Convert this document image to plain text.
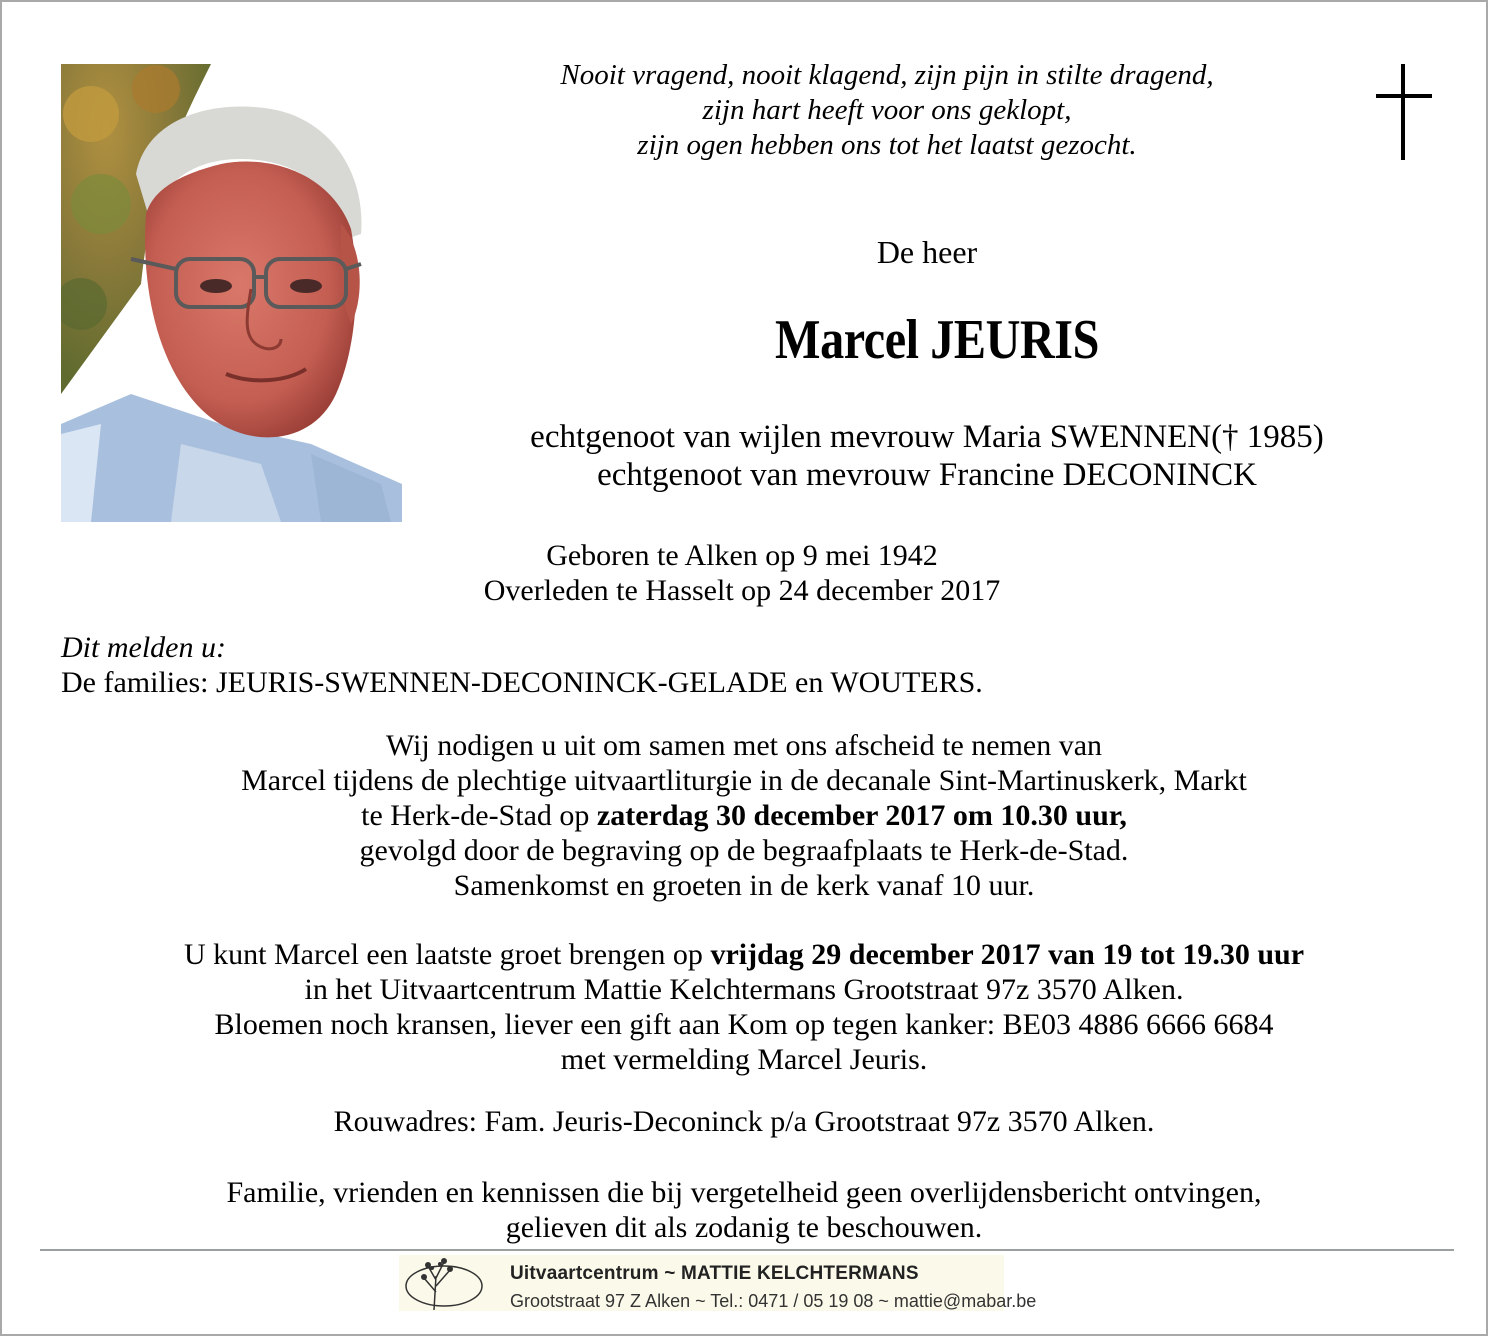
Nooit vragend, nooit klagend, zijn pijn in stilte dragend,
zijn hart heeft voor ons geklopt,
zijn ogen hebben ons tot het laatst gezocht.
De heer
Marcel JEURIS
echtgenoot van wijlen mevrouw Maria SWENNEN(† 1985)
echtgenoot van mevrouw Francine DECONINCK
Geboren te Alken op 9 mei 1942
Overleden te Hasselt op 24 december 2017
Dit melden u:
De families: JEURIS-SWENNEN-DECONINCK-GELADE en WOUTERS.
Wij nodigen u uit om samen met ons afscheid te nemen van
Marcel tijdens de plechtige uitvaartliturgie in de decanale Sint-Martinuskerk, Markt
te Herk-de-Stad op zaterdag 30 december 2017 om 10.30 uur,
gevolgd door de begraving op de begraafplaats te Herk-de-Stad.
Samenkomst en groeten in de kerk vanaf 10 uur.
U kunt Marcel een laatste groet brengen op vrijdag 29 december 2017 van 19 tot 19.30 uur
in het Uitvaartcentrum Mattie Kelchtermans Grootstraat 97z 3570 Alken.
Bloemen noch kransen, liever een gift aan Kom op tegen kanker: BE03 4886 6666 6684
met vermelding Marcel Jeuris.
Rouwadres: Fam. Jeuris-Deconinck p/a Grootstraat 97z 3570 Alken.
Familie, vrienden en kennissen die bij vergetelheid geen overlijdensbericht ontvingen,
gelieven dit als zodanig te beschouwen.
Uitvaartcentrum ~ MATTIE KELCHTERMANS
Grootstraat 97 Z Alken ~ Tel.: 0471 / 05 19 08 ~ mattie@mabar.be
